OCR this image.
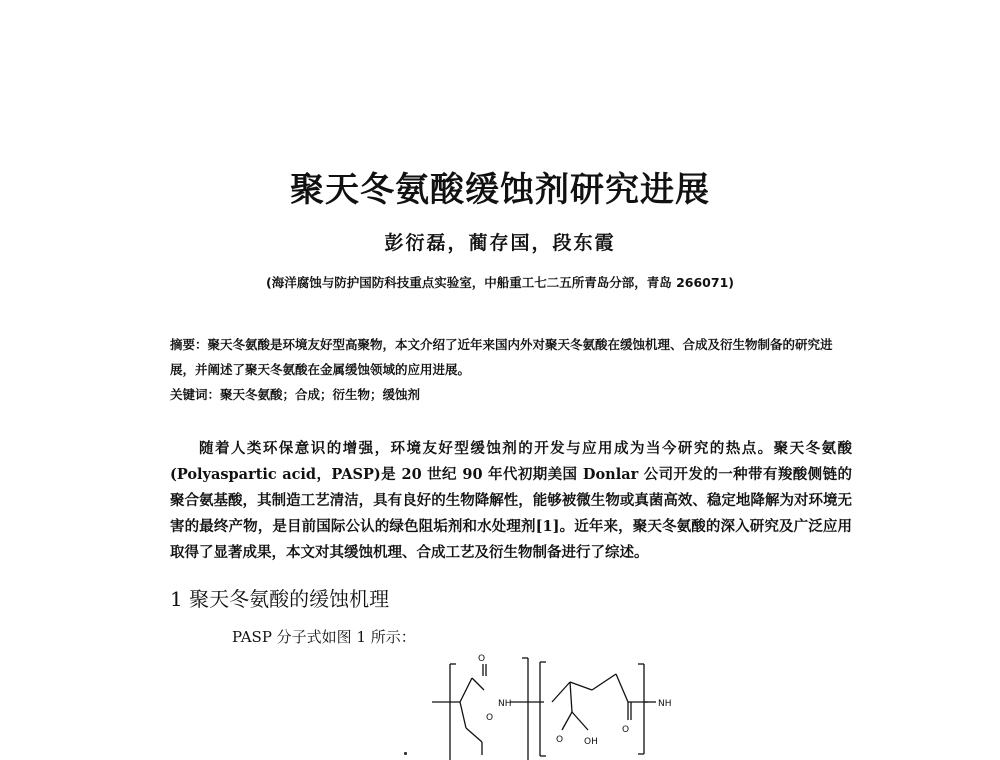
聚天冬氨酸缓蚀剂研究进展
彭衍磊，蔺存国，段东霞
(海洋腐蚀与防护国防科技重点实验室，中船重工七二五所青岛分部，青岛 266071)
摘要：聚天冬氨酸是环境友好型高聚物，本文介绍了近年来国内外对聚天冬氨酸在缓蚀机理、合成及衍生物制备的研究进展，并阐述了聚天冬氨酸在金属缓蚀领域的应用进展。
关键词：聚天冬氨酸；合成；衍生物；缓蚀剂
随着人类环保意识的增强，环境友好型缓蚀剂的开发与应用成为当今研究的热点。聚天冬氨酸(Polyaspartic acid，PASP)是 20 世纪 90 年代初期美国 Donlar 公司开发的一种带有羧酸侧链的聚合氨基酸，其制造工艺清洁，具有良好的生物降解性，能够被微生物或真菌高效、稳定地降解为对环境无害的最终产物，是目前国际公认的绿色阻垢剂和水处理剂[1]。近年来，聚天冬氨酸的深入研究及广泛应用取得了显著成果，本文对其缓蚀机理、合成工艺及衍生物制备进行了综述。
1 聚天冬氨酸的缓蚀机理
PASP 分子式如图 1 所示：
O
NH
O
O OH
O
NH
